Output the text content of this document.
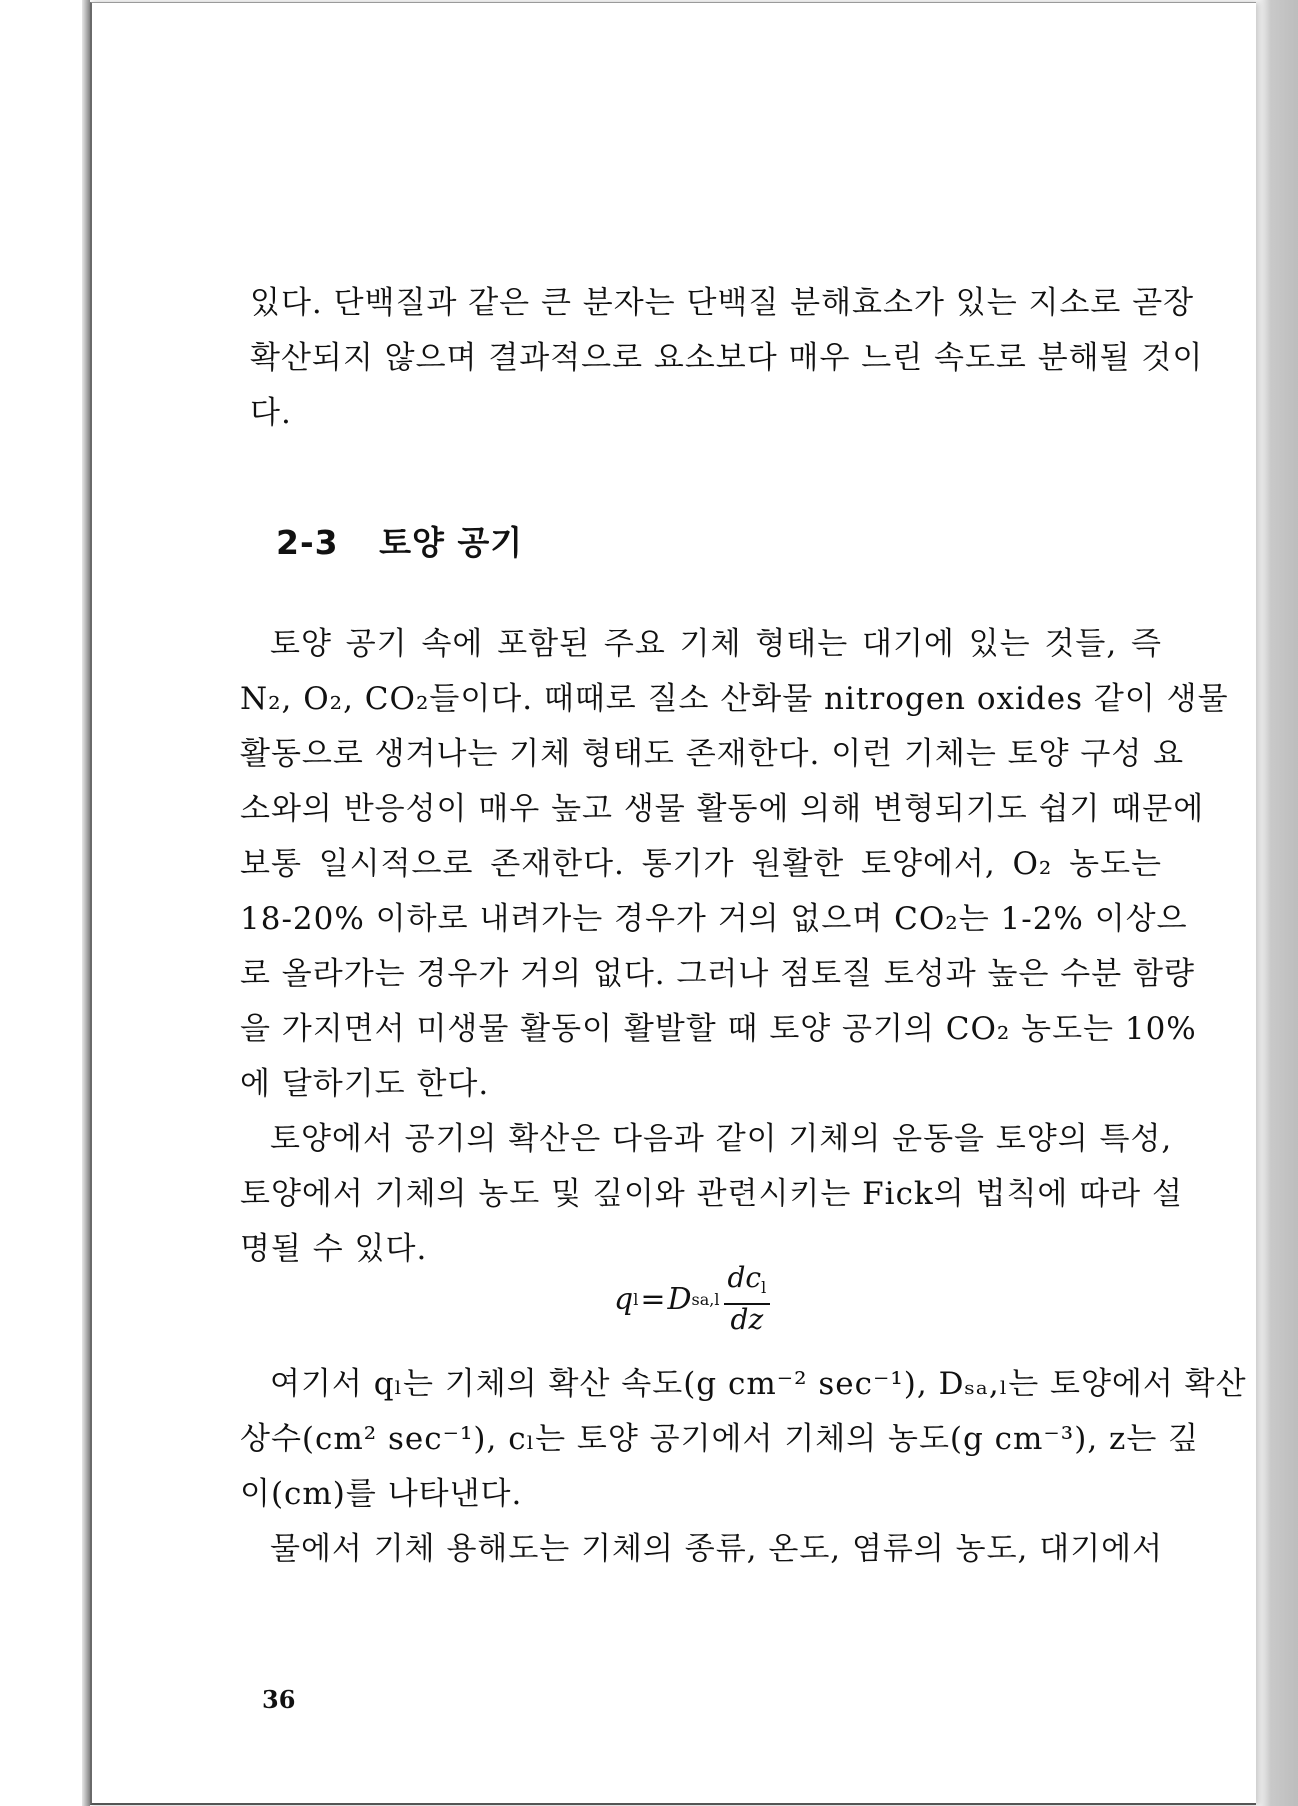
있다. 단백질과 같은 큰 분자는 단백질 분해효소가 있는 지소로 곧장
확산되지 않으며 결과적으로 요소보다 매우 느린 속도로 분해될 것이
다.

2-3 토양 공기

토양 공기 속에 포함된 주요 기체 형태는 대기에 있는 것들, 즉
N₂, O₂, CO₂들이다. 때때로 질소 산화물 nitrogen oxides 같이 생물
활동으로 생겨나는 기체 형태도 존재한다. 이런 기체는 토양 구성 요
소와의 반응성이 매우 높고 생물 활동에 의해 변형되기도 쉽기 때문에
보통 일시적으로 존재한다. 통기가 원활한 토양에서, O₂ 농도는
18-20% 이하로 내려가는 경우가 거의 없으며 CO₂는 1-2% 이상으
로 올라가는 경우가 거의 없다. 그러나 점토질 토성과 높은 수분 함량
을 가지면서 미생물 활동이 활발할 때 토양 공기의 CO₂ 농도는 10%
에 달하기도 한다.
토양에서 공기의 확산은 다음과 같이 기체의 운동을 토양의 특성,
토양에서 기체의 농도 및 깊이와 관련시키는 Fick의 법칙에 따라 설
명될 수 있다.

q l = D $sa,l \frac{dc_l}{dz}$

여기서 qₗ는 기체의 확산 속도(g cm⁻² sec⁻¹), Dₛₐ,ₗ는 토양에서 확산
상수(cm² sec⁻¹), cₗ는 토양 공기에서 기체의 농도(g cm⁻³), z는 깊
이(cm)를 나타낸다.
물에서 기체 용해도는 기체의 종류, 온도, 염류의 농도, 대기에서

36
